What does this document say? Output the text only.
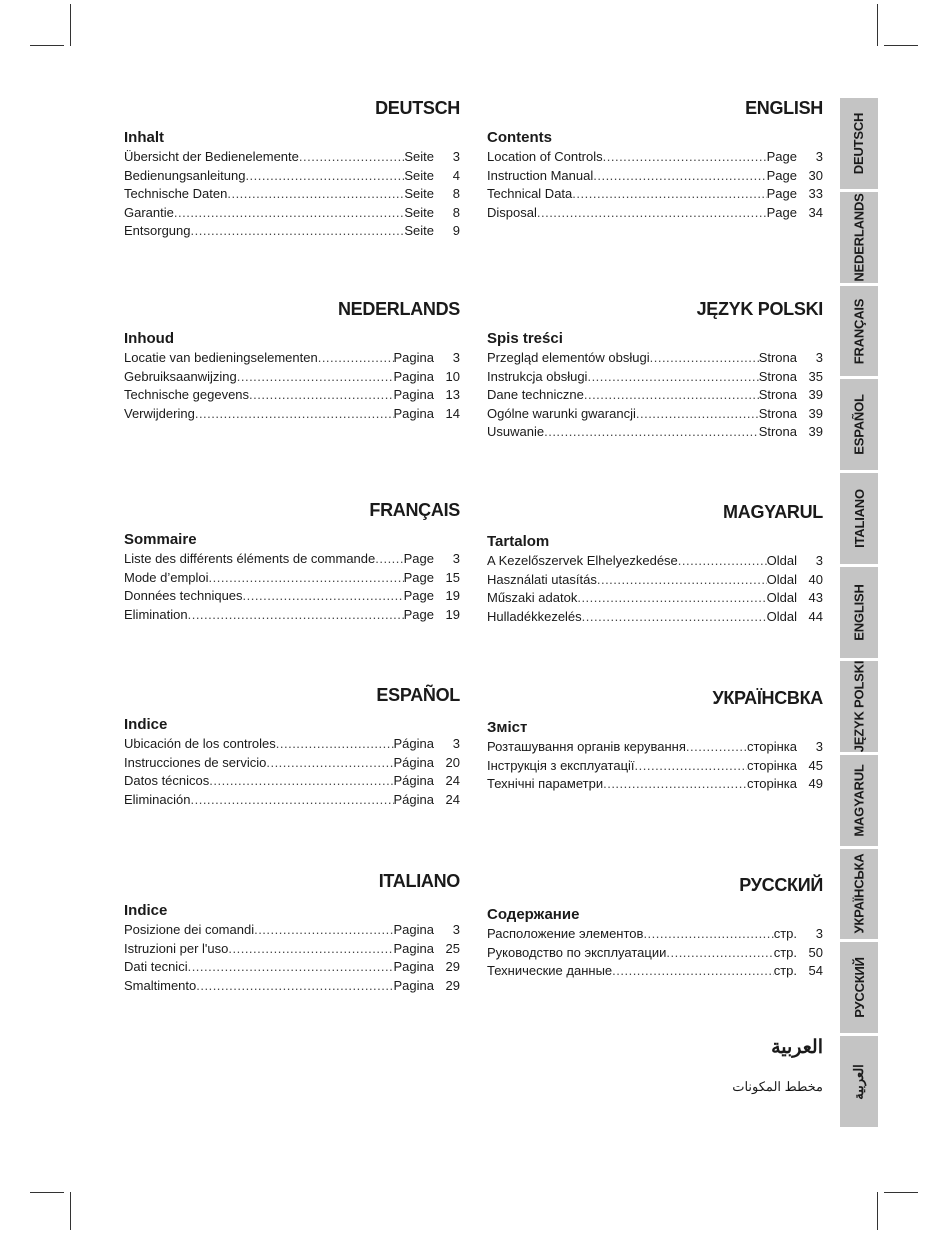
DEUTSCH
Inhalt
Übersicht der Bedienelemente .....	Seite	3
Bedienungsanleitung .....	Seite	4
Technische Daten .....	Seite	8
Garantie .....	Seite	8
Entsorgung .....	Seite	9
ENGLISH
Contents
Location of Controls .....	Page	3
Instruction Manual .....	Page 30
Technical Data .....	Page 33
Disposal .....	Page 34
NEDERLANDS
Inhoud
Locatie van bedieningselementen .....	Pagina	3
Gebruiksaanwijzing .....	Pagina 10
Technische gegevens .....	Pagina 13
Verwijdering .....	Pagina 14
JĘZYK POLSKI
Spis treści
Przegląd elementów obsługi .....	Strona	3
Instrukcja obsługi .....	Strona 35
Dane techniczne .....	Strona 39
Ogólne warunki gwarancji .....	Strona 39
Usuwanie .....	Strona 39
FRANÇAIS
Sommaire
Liste des différents éléments de commande ..... Page	3
Mode d’emploi .....	Page 15
Données techniques .....	Page 19
Elimination .....	Page 19
MAGYARUL
Tartalom
A Kezelőszervek Elhelyezkedése .....	Oldal	3
Használati utasítás .....	Oldal 40
Műszaki adatok .....	Oldal 43
Hulladékkezelés .....	Oldal 44
ESPAÑOL
Indice
Ubicación de los controles .....	Página	3
Instrucciones de servicio .....	Página 20
Datos técnicos .....	Página 24
Eliminación .....	Página 24
УКРАЇНСВКА
Зміст
Розташування органів керування .....	сторінка	3
Інструкція з експлуатації .....	сторінка 45
Технічні параметри .....	сторінка 49
ITALIANO
Indice
Posizione dei comandi .....	Pagina	3
Istruzioni per l'uso .....	Pagina 25
Dati tecnici .....	Pagina 29
Smaltimento .....	Pagina 29
РУССКИЙ
Содержание
Расположение элементов .....	стр.	3
Руководство по эксплуатации .....	стр. 50
Технические данные .....	стр. 54
العربية
مخطط المكونات
DEUTSCH
NEDERLANDS
FRANÇAIS
ESPAÑOL
ITALIANO
ENGLISH
JĘZYK POLSKI
MAGYARUL
УКРАЇНСЬКА
РУССКИЙ
العربية
